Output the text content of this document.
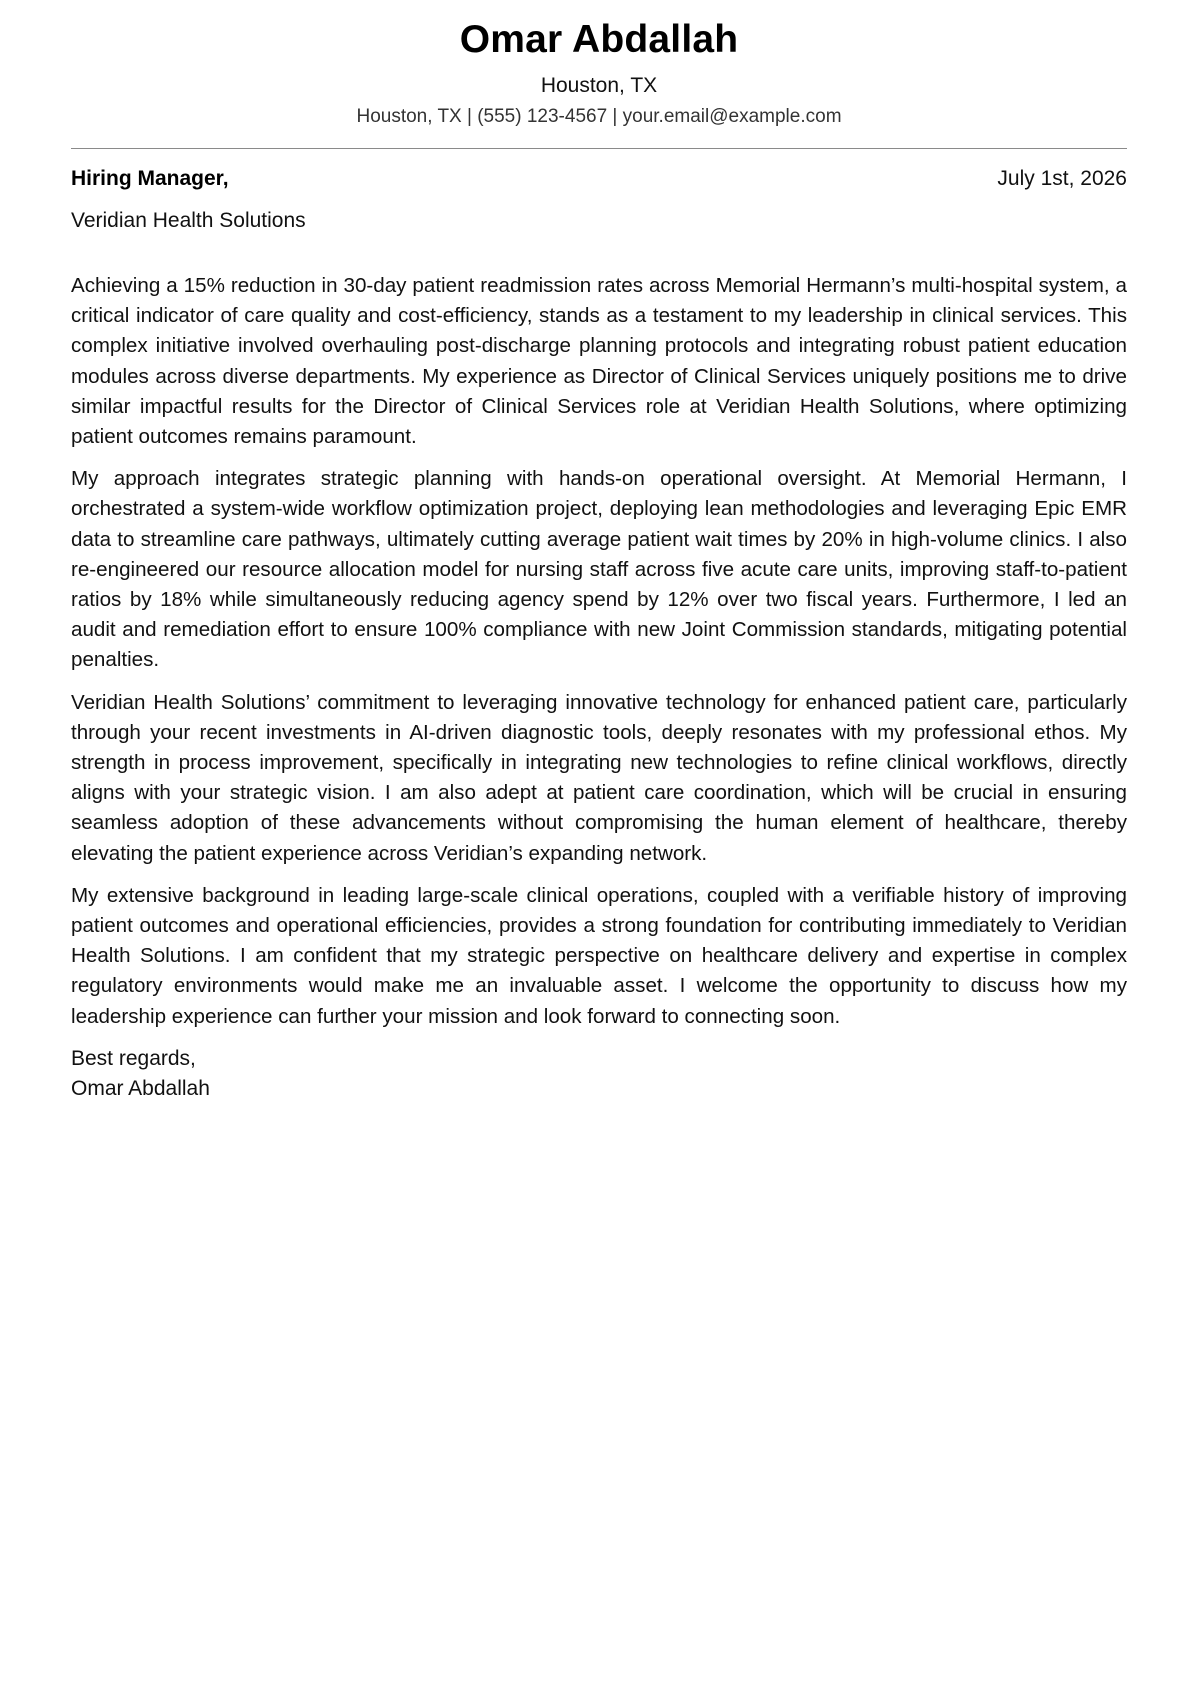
Omar Abdallah
Houston, TX
Houston, TX | (555) 123-4567 | your.email@example.com
Hiring Manager,	July 1st, 2026
Veridian Health Solutions

Achieving a 15% reduction in 30-day patient readmission rates across Memorial Hermann’s multi-hospital system, a critical indicator of care quality and cost-efficiency, stands as a testament to my leadership in clinical services. This complex initiative involved overhauling post-discharge planning protocols and integrating robust patient education modules across diverse departments. My experience as Director of Clinical Services uniquely positions me to drive similar impactful results for the Director of Clinical Services role at Veridian Health Solutions, where optimizing patient outcomes remains paramount.

My approach integrates strategic planning with hands-on operational oversight. At Memorial Hermann, I orchestrated a system-wide workflow optimization project, deploying lean methodologies and leveraging Epic EMR data to streamline care pathways, ultimately cutting average patient wait times by 20% in high-volume clinics. I also re-engineered our resource allocation model for nursing staff across five acute care units, improving staff-to-patient ratios by 18% while simultaneously reducing agency spend by 12% over two fiscal years. Furthermore, I led an audit and remediation effort to ensure 100% compliance with new Joint Commission standards, mitigating potential penalties.

Veridian Health Solutions’ commitment to leveraging innovative technology for enhanced patient care, particularly through your recent investments in AI-driven diagnostic tools, deeply resonates with my professional ethos. My strength in process improvement, specifically in integrating new technologies to refine clinical workflows, directly aligns with your strategic vision. I am also adept at patient care coordination, which will be crucial in ensuring seamless adoption of these advancements without compromising the human element of healthcare, thereby elevating the patient experience across Veridian’s expanding network.

My extensive background in leading large-scale clinical operations, coupled with a verifiable history of improving patient outcomes and operational efficiencies, provides a strong foundation for contributing immediately to Veridian Health Solutions. I am confident that my strategic perspective on healthcare delivery and expertise in complex regulatory environments would make me an invaluable asset. I welcome the opportunity to discuss how my leadership experience can further your mission and look forward to connecting soon.

Best regards,
Omar Abdallah
